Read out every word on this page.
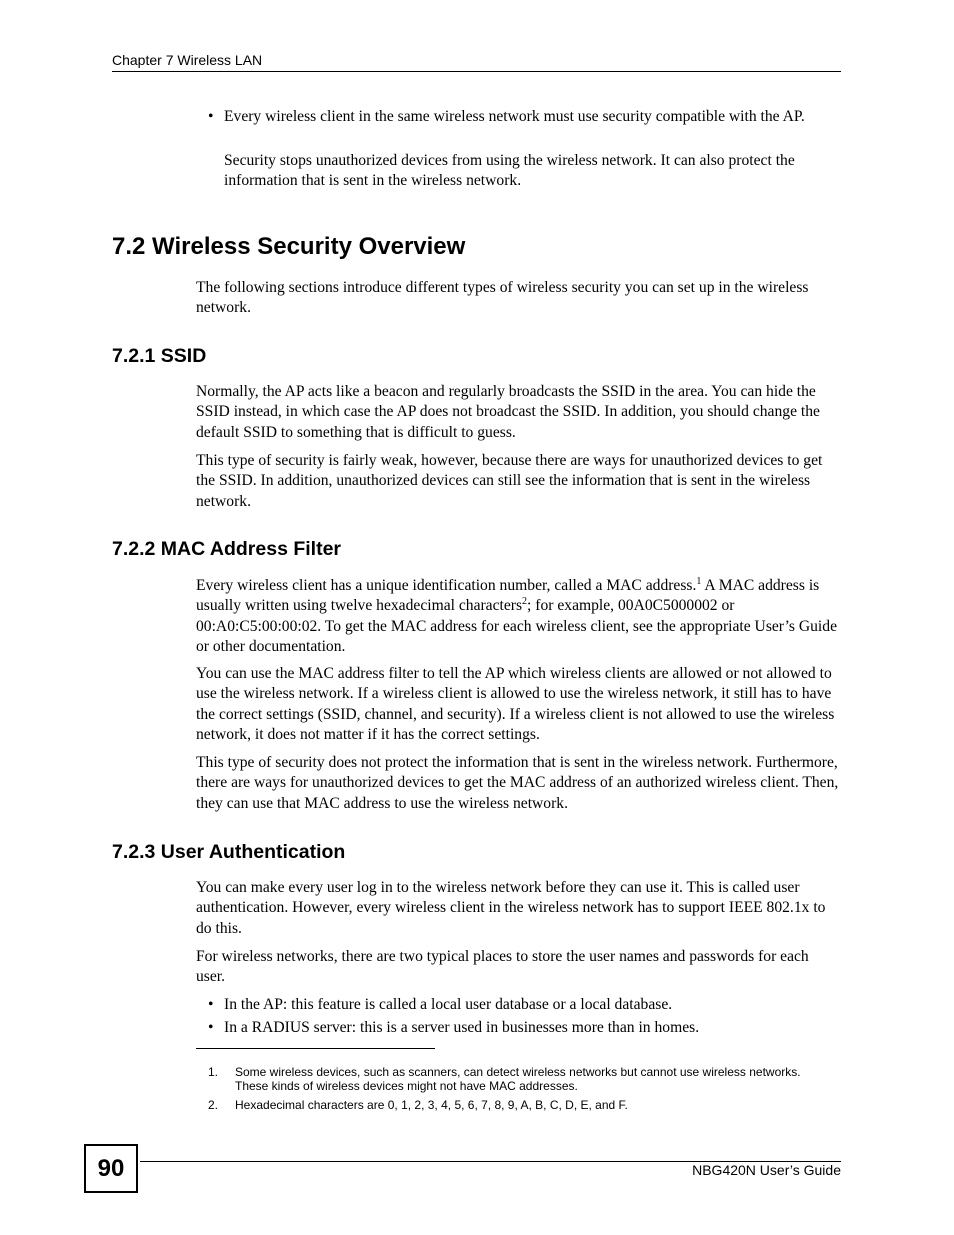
Chapter 7 Wireless LAN
• Every wireless client in the same wireless network must use security compatible with the AP.

Security stops unauthorized devices from using the wireless network. It can also protect the information that is sent in the wireless network.

7.2 Wireless Security Overview

The following sections introduce different types of wireless security you can set up in the wireless network.

7.2.1 SSID

Normally, the AP acts like a beacon and regularly broadcasts the SSID in the area. You can hide the SSID instead, in which case the AP does not broadcast the SSID. In addition, you should change the default SSID to something that is difficult to guess.

This type of security is fairly weak, however, because there are ways for unauthorized devices to get the SSID. In addition, unauthorized devices can still see the information that is sent in the wireless network.

7.2.2 MAC Address Filter

Every wireless client has a unique identification number, called a MAC address.$^1$ A MAC address is usually written using twelve hexadecimal characters$^2$; for example, 00A0C5000002 or 00:A0:C5:00:00:02. To get the MAC address for each wireless client, see the appropriate User’s Guide or other documentation.

You can use the MAC address filter to tell the AP which wireless clients are allowed or not allowed to use the wireless network. If a wireless client is allowed to use the wireless network, it still has to have the correct settings (SSID, channel, and security). If a wireless client is not allowed to use the wireless network, it does not matter if it has the correct settings.

This type of security does not protect the information that is sent in the wireless network. Furthermore, there are ways for unauthorized devices to get the MAC address of an authorized wireless client. Then, they can use that MAC address to use the wireless network.

7.2.3 User Authentication

You can make every user log in to the wireless network before they can use it. This is called user authentication. However, every wireless client in the wireless network has to support IEEE 802.1x to do this.

For wireless networks, there are two typical places to store the user names and passwords for each user.

• In the AP: this feature is called a local user database or a local database.
• In a RADIUS server: this is a server used in businesses more than in homes.
1. Some wireless devices, such as scanners, can detect wireless networks but cannot use wireless networks. These kinds of wireless devices might not have MAC addresses.
2. Hexadecimal characters are 0, 1, 2, 3, 4, 5, 6, 7, 8, 9, A, B, C, D, E, and F.
90	NBG420N User’s Guide
